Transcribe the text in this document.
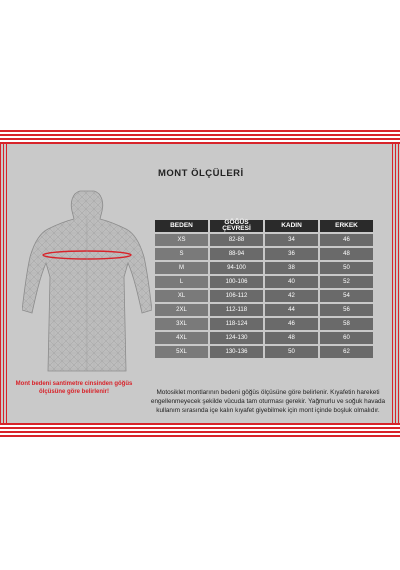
MONT ÖLÇÜLERİ
BEDEN	GÖĞÜS ÇEVRESİ	KADIN	ERKEK
XS	82-88	34	46
S	88-94	36	48
M	94-100	38	50
L	100-106	40	52
XL	106-112	42	54
2XL	112-118	44	56
3XL	118-124	46	58
4XL	124-130	48	60
5XL	130-136	50	62
Mont bedeni santimetre cinsinden göğüs ölçüsüne göre belirlenir!	Motosiklet montlarının bedeni göğüs ölçüsüne göre belirlenir. Kıyafetin hareketi engellenmeyecek şekilde vücuda tam oturması gerekir. Yağmurlu ve soğuk havada kullanım sırasında içe kalın kıyafet giyebilmek için mont içinde boşluk olmalıdır.
